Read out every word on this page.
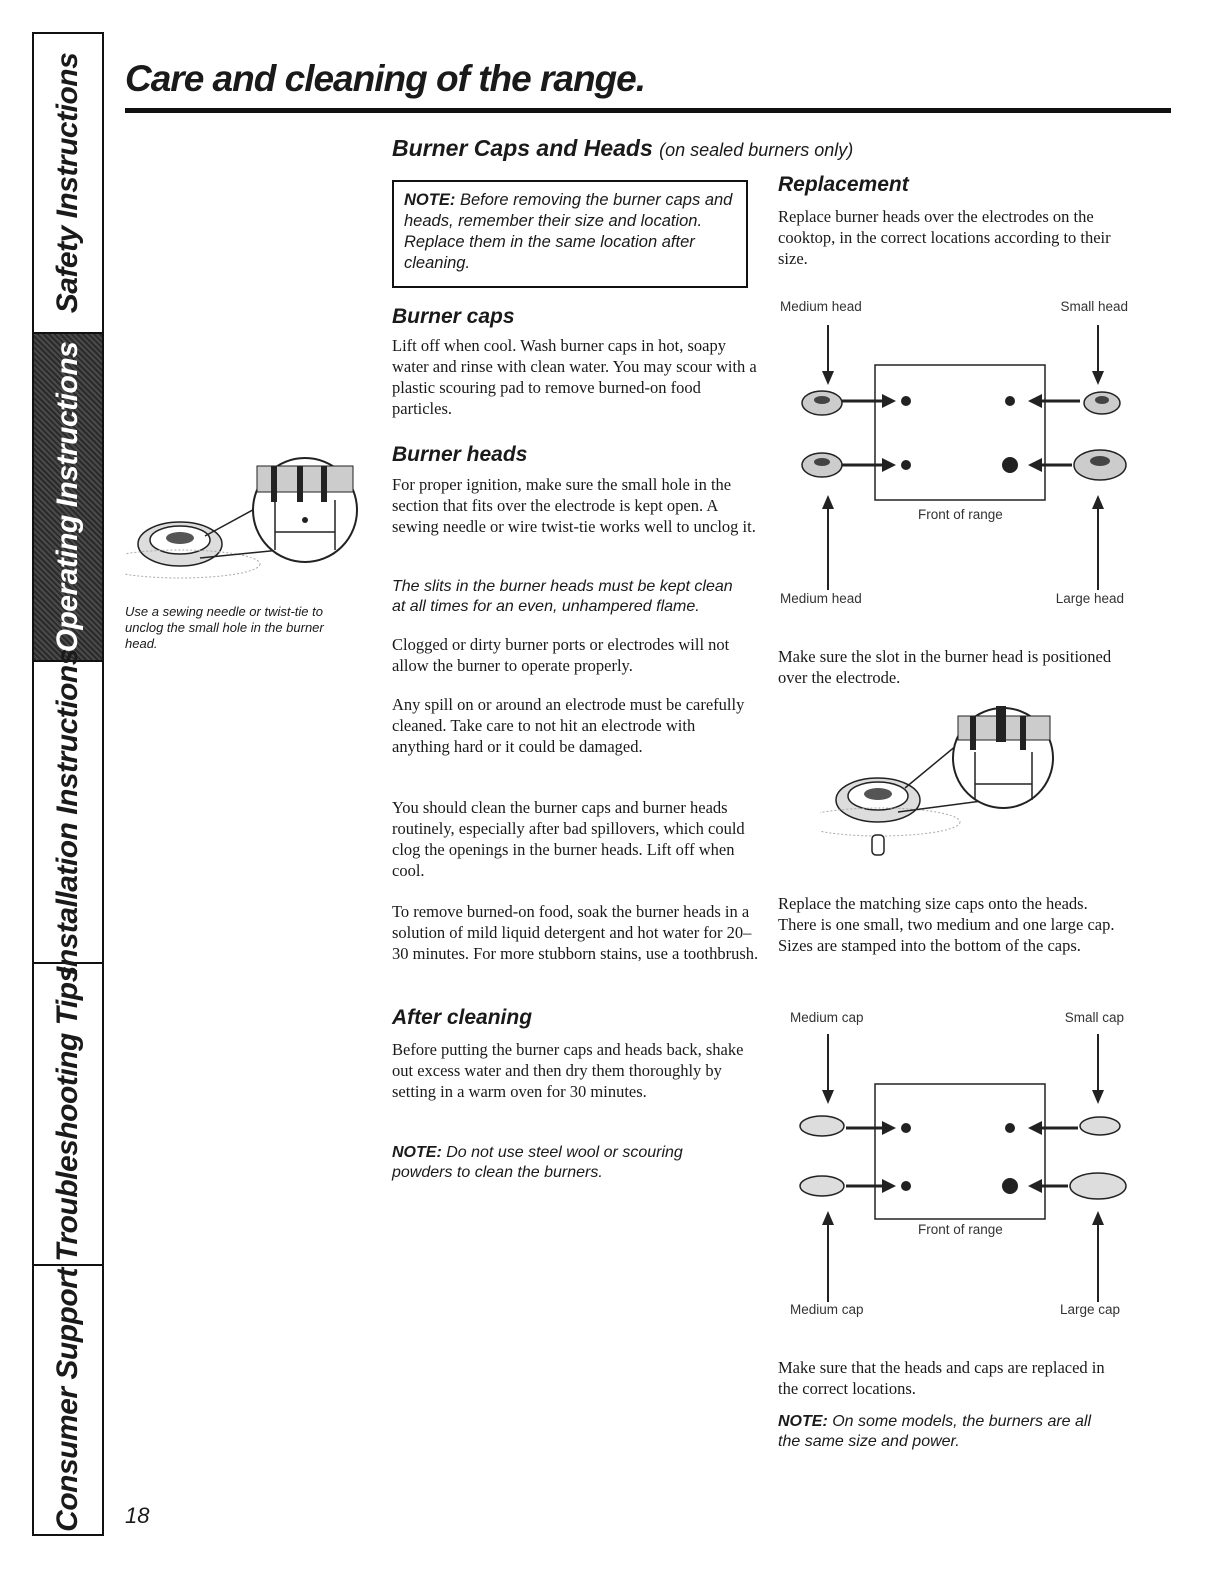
Safety Instructions
Operating Instructions
Installation Instructions
Troubleshooting Tips
Consumer Support
Care and cleaning of the range.
Burner Caps and Heads (on sealed burners only)

NOTE: Before removing the burner caps and heads, remember their size and location. Replace them in the same location after cleaning.

Use a sewing needle or twist-tie to unclog the small hole in the burner head.

Burner caps

Lift off when cool. Wash burner caps in hot, soapy water and rinse with clean water. You may scour with a plastic scouring pad to remove burned-on food particles.

Burner heads

For proper ignition, make sure the small hole in the section that fits over the electrode is kept open. A sewing needle or wire twist-tie works well to unclog it.

The slits in the burner heads must be kept clean at all times for an even, unhampered flame.

Clogged or dirty burner ports or electrodes will not allow the burner to operate properly.

Any spill on or around an electrode must be carefully cleaned. Take care to not hit an electrode with anything hard or it could be damaged.

You should clean the burner caps and burner heads routinely, especially after bad spillovers, which could clog the openings in the burner heads. Lift off when cool.

To remove burned-on food, soak the burner heads in a solution of mild liquid detergent and hot water for 20–30 minutes. For more stubborn stains, use a toothbrush.

After cleaning

Before putting the burner caps and heads back, shake out excess water and then dry them thoroughly by setting in a warm oven for 30 minutes.

NOTE: Do not use steel wool or scouring powders to clean the burners.

Replacement

Replace burner heads over the electrodes on the cooktop, in the correct locations according to their size.

Medium head	Small head
Front of range
Medium head	Large head

Make sure the slot in the burner head is positioned over the electrode.

Replace the matching size caps onto the heads. There is one small, two medium and one large cap. Sizes are stamped into the bottom of the caps.

Medium cap	Small cap
Front of range
Medium cap	Large cap

Make sure that the heads and caps are replaced in the correct locations.

NOTE: On some models, the burners are all the same size and power.

18
